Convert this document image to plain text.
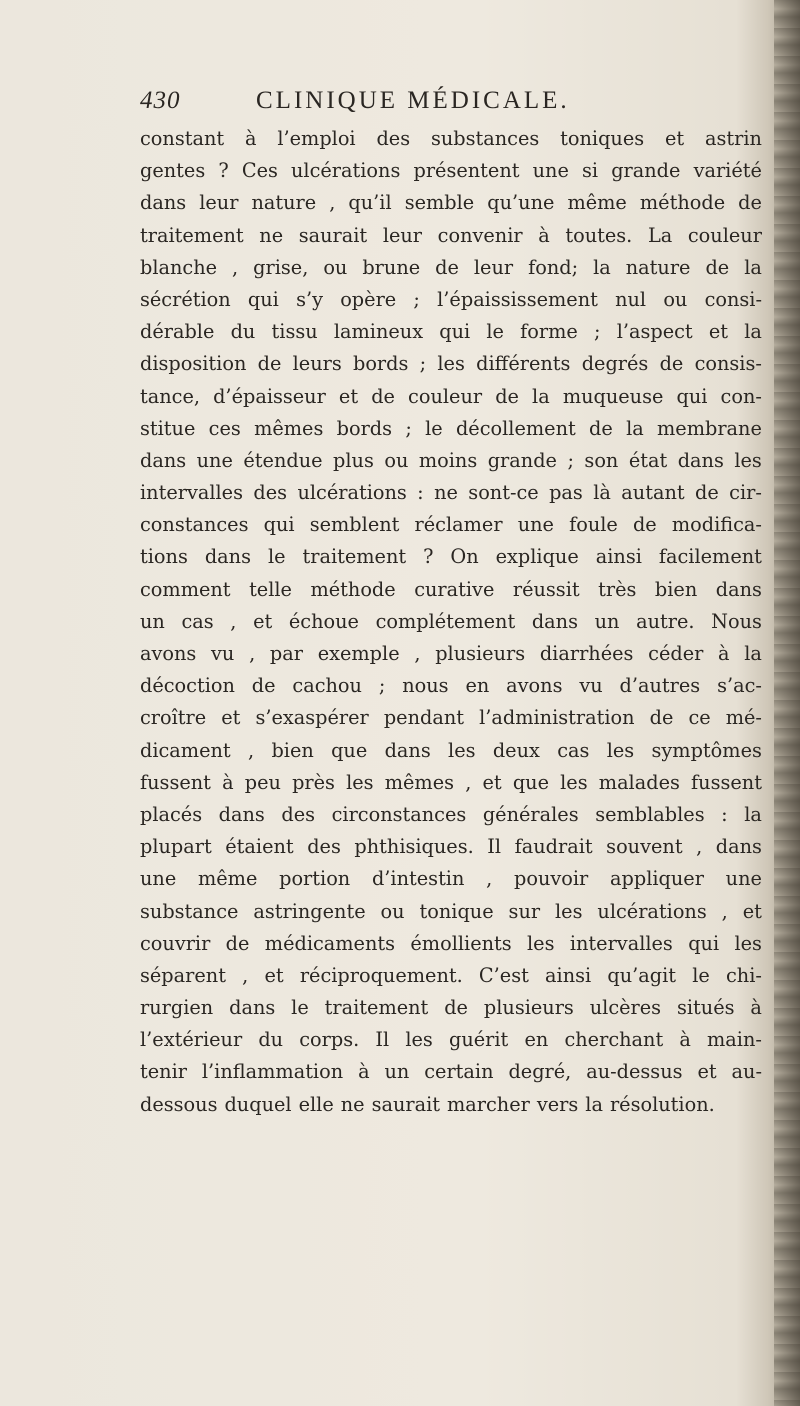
430	CLINIQUE MÉDICALE.
constant à l’emploi des substances toniques et astrin
gentes ? Ces ulcérations présentent une si grande variété
dans leur nature , qu’il semble qu’une même méthode de
traitement ne saurait leur convenir à toutes. La couleur
blanche , grise, ou brune de leur fond; la nature de la
sécrétion qui s’y opère ; l’épaississement nul ou consi-
dérable du tissu lamineux qui le forme ; l’aspect et la
disposition de leurs bords ; les différents degrés de consis-
tance, d’épaisseur et de couleur de la muqueuse qui con-
stitue ces mêmes bords ; le décollement de la membrane
dans une étendue plus ou moins grande ; son état dans les
intervalles des ulcérations : ne sont-ce pas là autant de cir-
constances qui semblent réclamer une foule de modifica-
tions dans le traitement ? On explique ainsi facilement
comment telle méthode curative réussit très bien dans
un cas , et échoue complétement dans un autre. Nous
avons vu , par exemple , plusieurs diarrhées céder à la
décoction de cachou ; nous en avons vu d’autres s’ac-
croître et s’exaspérer pendant l’administration de ce mé-
dicament , bien que dans les deux cas les symptômes
fussent à peu près les mêmes , et que les malades fussent
placés dans des circonstances générales semblables : la
plupart étaient des phthisiques. Il faudrait souvent , dans
une même portion d’intestin , pouvoir appliquer une
substance astringente ou tonique sur les ulcérations , et
couvrir de médicaments émollients les intervalles qui les
séparent , et réciproquement. C’est ainsi qu’agit le chi-
rurgien dans le traitement de plusieurs ulcères situés à
l’extérieur du corps. Il les guérit en cherchant à main-
tenir l’inflammation à un certain degré, au-dessus et au-
dessous duquel elle ne saurait marcher vers la résolution.
